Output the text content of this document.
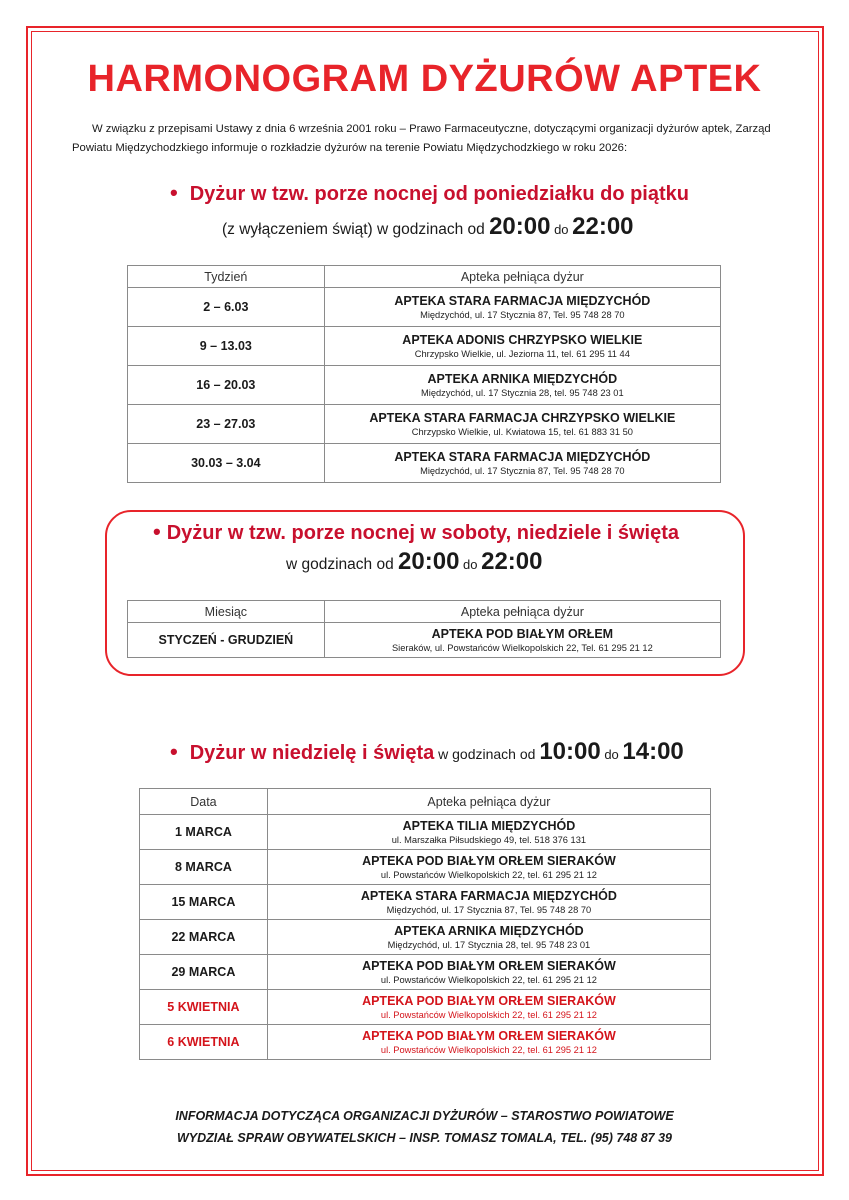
HARMONOGRAM DYŻURÓW APTEK
W związku z przepisami Ustawy z dnia 6 września 2001 roku – Prawo Farmaceutyczne, dotyczącymi organizacji dyżurów aptek, Zarząd Powiatu Międzychodzkiego informuje o rozkładzie dyżurów na terenie Powiatu Międzychodzkiego w roku 2026:
• Dyżur w tzw. porze nocnej od poniedziałku do piątku
(z wyłączeniem świąt) w godzinach od 20:00 do 22:00
Tydzień	Apteka pełniąca dyżur
2 – 6.03	APTEKA STARA FARMACJA MIĘDZYCHÓD
Międzychód, ul. 17 Stycznia 87, Tel. 95 748 28 70

9 – 13.03	APTEKA ADONIS CHRZYPSKO WIELKIE
Chrzypsko Wielkie, ul. Jeziorna 11, tel. 61 295 11 44

16 – 20.03	APTEKA ARNIKA MIĘDZYCHÓD
Międzychód, ul. 17 Stycznia 28, tel. 95 748 23 01

23 – 27.03	APTEKA STARA FARMACJA CHRZYPSKO WIELKIE
Chrzypsko Wielkie, ul. Kwiatowa 15, tel. 61 883 31 50

30.03 – 3.04	APTEKA STARA FARMACJA MIĘDZYCHÓD
Międzychód, ul. 17 Stycznia 87, Tel. 95 748 28 70
• Dyżur w tzw. porze nocnej w soboty, niedziele i święta
w godzinach od 20:00 do 22:00
Miesiąc	Apteka pełniąca dyżur
STYCZEŃ - GRUDZIEŃ	APTEKA POD BIAŁYM ORŁEM
Sieraków, ul. Powstańców Wielkopolskich 22, Tel. 61 295 21 12
• Dyżur w niedzielę i święta w godzinach od 10:00 do 14:00
Data	Apteka pełniąca dyżur
1 MARCA	APTEKA TILIA MIĘDZYCHÓD
ul. Marszałka Piłsudskiego 49, tel. 518 376 131

8 MARCA	APTEKA POD BIAŁYM ORŁEM SIERAKÓW
ul. Powstańców Wielkopolskich 22, tel. 61 295 21 12

15 MARCA	APTEKA STARA FARMACJA MIĘDZYCHÓD
Międzychód, ul. 17 Stycznia 87, Tel. 95 748 28 70

22 MARCA	APTEKA ARNIKA MIĘDZYCHÓD
Międzychód, ul. 17 Stycznia 28, tel. 95 748 23 01

29 MARCA	APTEKA POD BIAŁYM ORŁEM SIERAKÓW
ul. Powstańców Wielkopolskich 22, tel. 61 295 21 12

5 KWIETNIA	APTEKA POD BIAŁYM ORŁEM SIERAKÓW
ul. Powstańców Wielkopolskich 22, tel. 61 295 21 12

6 KWIETNIA	APTEKA POD BIAŁYM ORŁEM SIERAKÓW
ul. Powstańców Wielkopolskich 22, tel. 61 295 21 12
INFORMACJA DOTYCZĄCA ORGANIZACJI DYŻURÓW – STAROSTWO POWIATOWE
WYDZIAŁ SPRAW OBYWATELSKICH – INSP. TOMASZ TOMALA, TEL. (95) 748 87 39
